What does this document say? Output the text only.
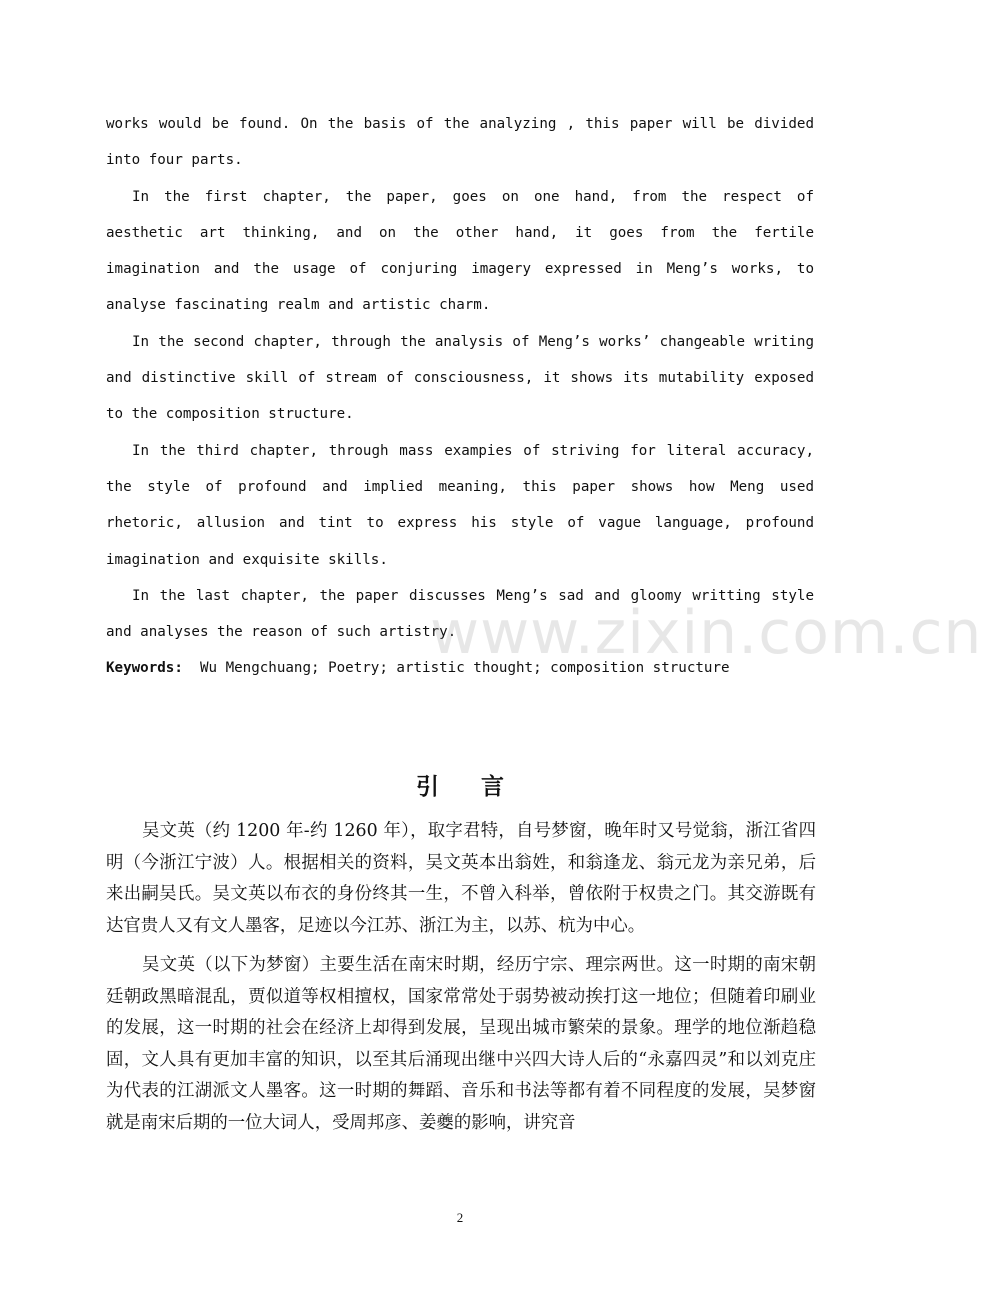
works would be found. On the basis of the analyzing , this paper will be divided into four parts.

In the first chapter, the paper, goes on one hand, from the respect of aesthetic art thinking, and on the other hand, it goes from the fertile imagination and the usage of conjuring imagery expressed in Meng’s works, to analyse fascinating realm and artistic charm.

In the second chapter, through the analysis of Meng’s works’ changeable writing and distinctive skill of stream of consciousness, it shows its mutability exposed to the composition structure.

In the third chapter, through mass exampies of striving for literal accuracy, the style of profound and implied meaning, this paper shows how Meng used rhetoric, allusion and tint to express his style of vague language, profound imagination and exquisite skills.

In the last chapter, the paper discusses Meng’s sad and gloomy writting style and analyses the reason of such artistry.

Keywords: Wu Mengchuang; Poetry; artistic thought; composition structure

www.zixin.com.cn
引言

吴文英（约 1200 年-约 1260 年），取字君特，自号梦窗，晚年时又号觉翁，浙江省四明（今浙江宁波）人。根据相关的资料，吴文英本出翁姓，和翁逢龙、翁元龙为亲兄弟，后来出嗣吴氏。吴文英以布衣的身份终其一生，不曾入科举，曾依附于权贵之门。其交游既有达官贵人又有文人墨客，足迹以今江苏、浙江为主，以苏、杭为中心。

吴文英（以下为梦窗）主要生活在南宋时期，经历宁宗、理宗两世。这一时期的南宋朝廷朝政黑暗混乱，贾似道等权相擅权，国家常常处于弱势被动挨打这一地位；但随着印刷业的发展，这一时期的社会在经济上却得到发展，呈现出城市繁荣的景象。理学的地位渐趋稳固，文人具有更加丰富的知识，以至其后涌现出继中兴四大诗人后的“永嘉四灵”和以刘克庄为代表的江湖派文人墨客。这一时期的舞蹈、音乐和书法等都有着不同程度的发展，吴梦窗就是南宋后期的一位大词人，受周邦彦、姜夔的影响，讲究音

2
